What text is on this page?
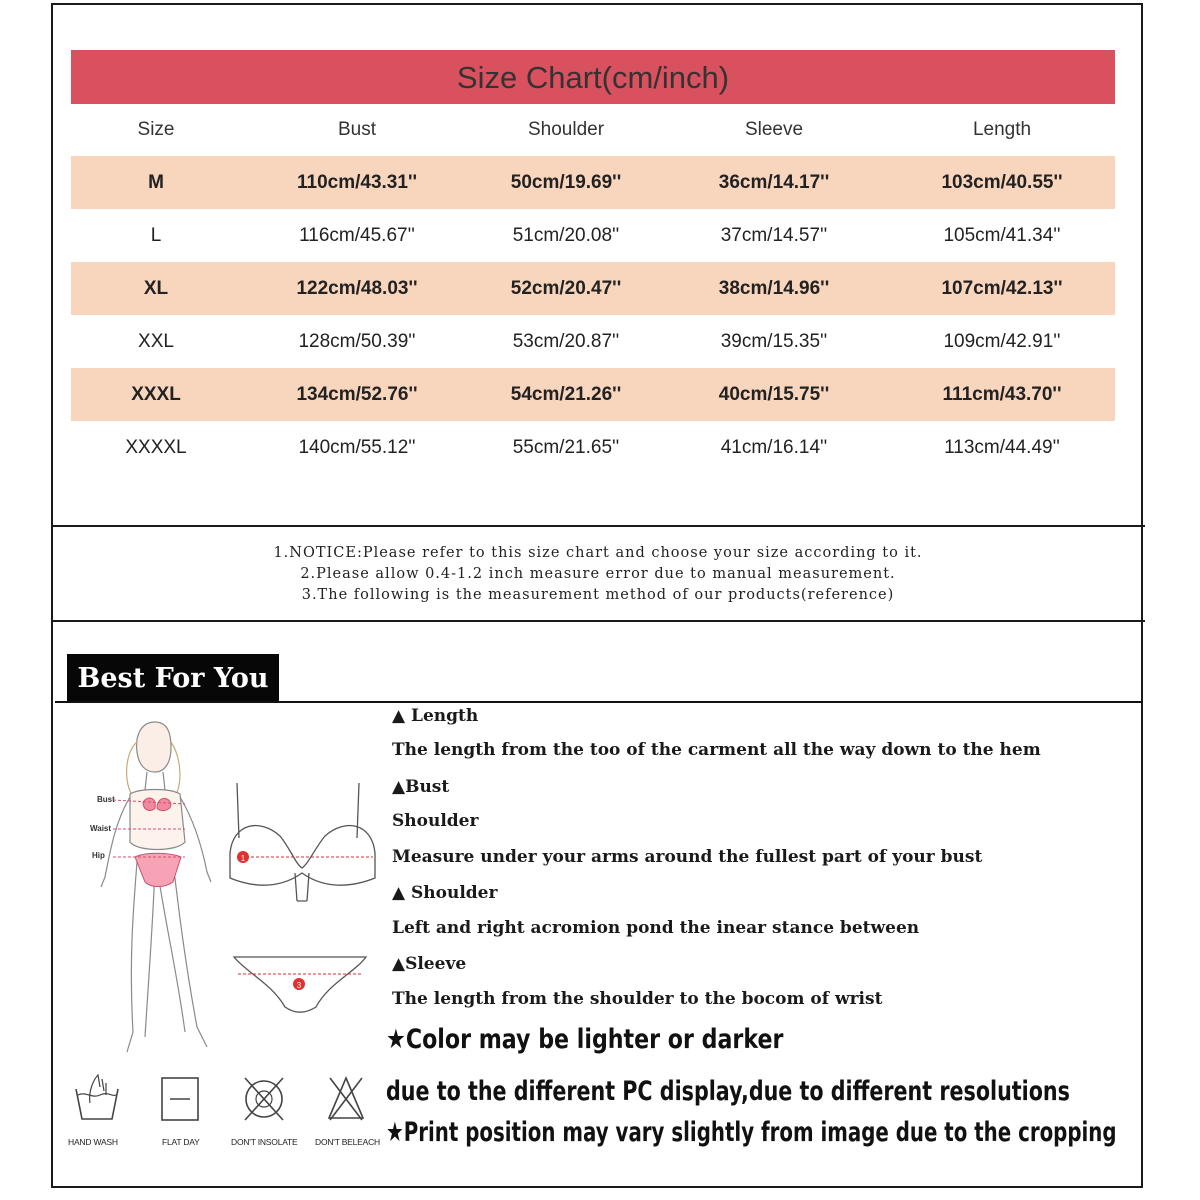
Size Chart(cm/inch)
Size	Bust	Shoulder	Sleeve	Length
M	110cm/43.31''	50cm/19.69''	36cm/14.17''	103cm/40.55''
L	116cm/45.67''	51cm/20.08''	37cm/14.57''	105cm/41.34''
XL	122cm/48.03''	52cm/20.47''	38cm/14.96''	107cm/42.13''
XXL	128cm/50.39''	53cm/20.87''	39cm/15.35''	109cm/42.91''
XXXL	134cm/52.76''	54cm/21.26''	40cm/15.75''	111cm/43.70''
XXXXL	140cm/55.12''	55cm/21.65''	41cm/16.14''	113cm/44.49''
1.NOTICE:Please refer to this size chart and choose your size according to it.
2.Please allow 0.4-1.2 inch measure error due to manual measurement.
3.The following is the measurement method of our products(reference)
Best For You
Bust
Waist
Hip	1
3
HAND WASH	FLAT DAY	DON'T INSOLATE DON'T BELEACH
▲ Length
The length from the too of the carment all the way down to the hem
▲Bust
Shoulder
Measure under your arms around the fullest part of your bust
▲ Shoulder
Left and right acromion pond the inear stance between
▲Sleeve
The length from the shoulder to the bocom of wrist
★Color may be lighter or darker
due to the different PC display,due to different resolutions
★Print position may vary slightly from image due to the cropping
